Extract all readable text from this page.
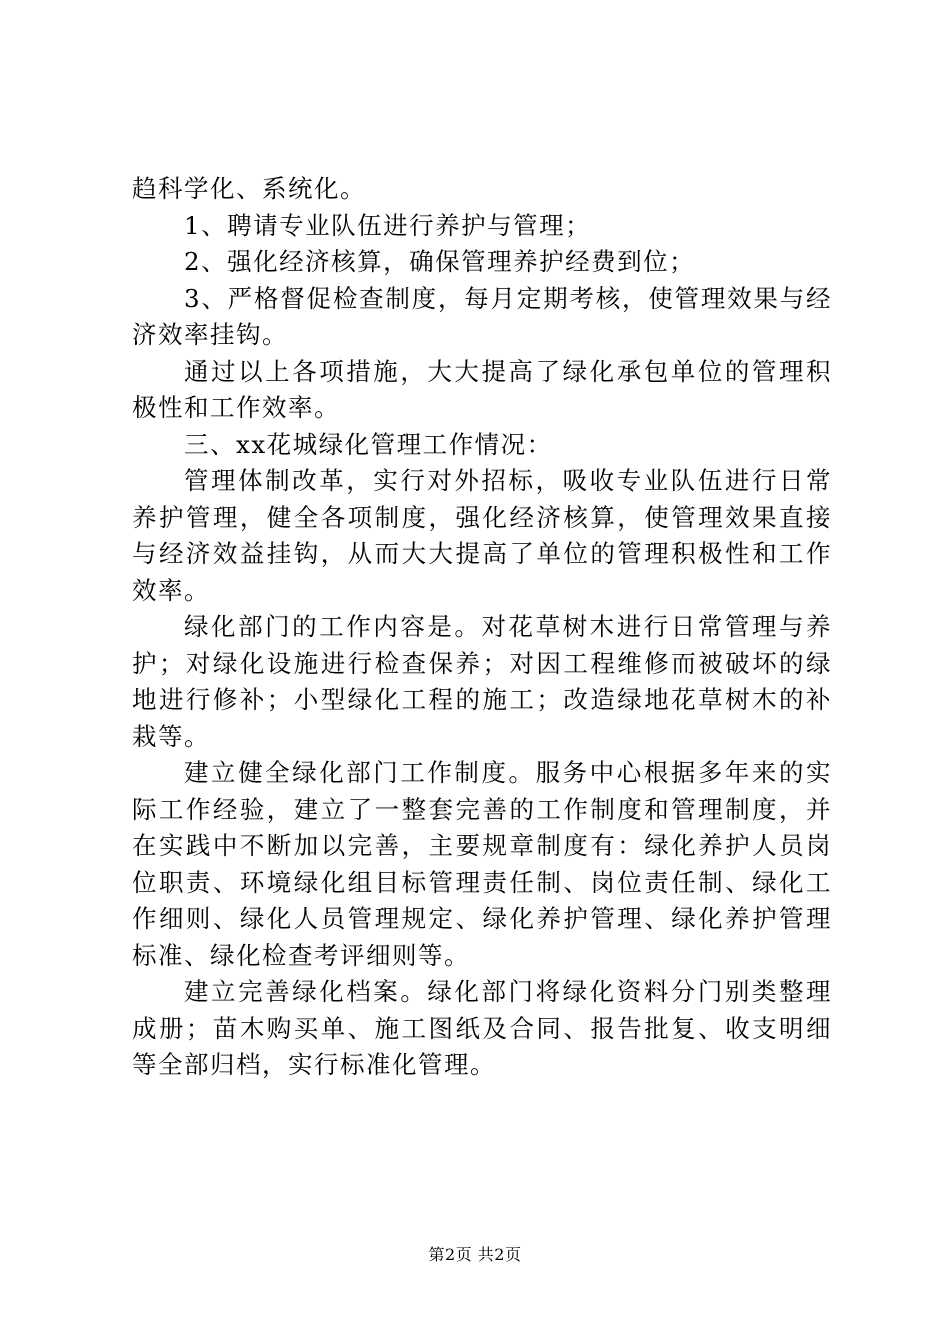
趋科学化、系统化。

1、聘请专业队伍进行养护与管理；

2、强化经济核算，确保管理养护经费到位；

3、严格督促检查制度，每月定期考核，使管理效果与经济效率挂钩。

通过以上各项措施，大大提高了绿化承包单位的管理积极性和工作效率。

三、xx花城绿化管理工作情况：

管理体制改革，实行对外招标，吸收专业队伍进行日常养护管理，健全各项制度，强化经济核算，使管理效果直接与经济效益挂钩，从而大大提高了单位的管理积极性和工作效率。

绿化部门的工作内容是。对花草树木进行日常管理与养护；对绿化设施进行检查保养；对因工程维修而被破坏的绿地进行修补；小型绿化工程的施工；改造绿地花草树木的补栽等。

建立健全绿化部门工作制度。服务中心根据多年来的实际工作经验，建立了一整套完善的工作制度和管理制度，并在实践中不断加以完善，主要规章制度有：绿化养护人员岗位职责、环境绿化组目标管理责任制、岗位责任制、绿化工作细则、绿化人员管理规定、绿化养护管理、绿化养护管理标准、绿化检查考评细则等。

建立完善绿化档案。绿化部门将绿化资料分门别类整理成册；苗木购买单、施工图纸及合同、报告批复、收支明细等全部归档，实行标准化管理。

第2页 共2页
